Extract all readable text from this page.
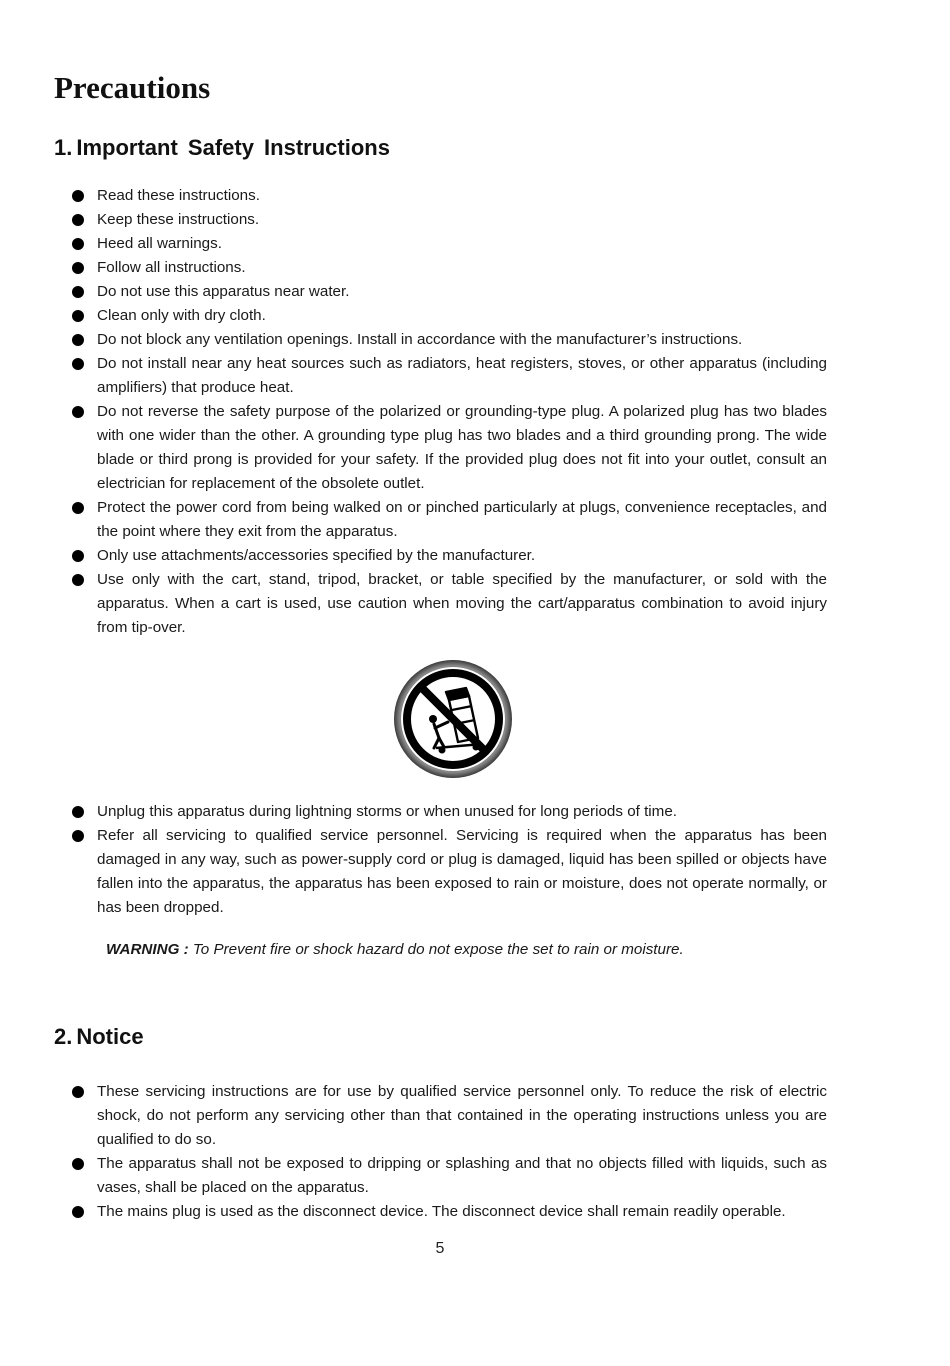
Precautions
1. Important Safety Instructions
Read these instructions.
Keep these instructions.
Heed all warnings.
Follow all instructions.
Do not use this apparatus near water.
Clean only with dry cloth.
Do not block any ventilation openings. Install in accordance with the manufacturer’s instructions.
Do not install near any heat sources such as radiators, heat registers, stoves, or other apparatus (including amplifiers) that produce heat.
Do not reverse the safety purpose of the polarized or grounding-type plug. A polarized plug has two blades with one wider than the other. A grounding type plug has two blades and a third grounding prong. The wide blade or third prong is provided for your safety. If the provided plug does not fit into your outlet, consult an electrician for replacement of the obsolete outlet.
Protect the power cord from being walked on or pinched particularly at plugs, convenience receptacles, and the point where they exit from the apparatus.
Only use attachments/accessories specified by the manufacturer.
Use only with the cart, stand, tripod, bracket, or table specified by the manufacturer, or sold with the apparatus. When a cart is used, use caution when moving the cart/apparatus combination to avoid injury from tip-over.
Unplug this apparatus during lightning storms or when unused for long periods of time.
Refer all servicing to qualified service personnel. Servicing is required when the apparatus has been damaged in any way, such as power-supply cord or plug is damaged, liquid has been spilled or objects have fallen into the apparatus, the apparatus has been exposed to rain or moisture, does not operate normally, or has been dropped.

WARNING : To Prevent fire or shock hazard do not expose the set to rain or moisture.

2. Notice
These servicing instructions are for use by qualified service personnel only. To reduce the risk of electric shock, do not perform any servicing other than that contained in the operating instructions unless you are qualified to do so.
The apparatus shall not be exposed to dripping or splashing and that no objects filled with liquids, such as vases, shall be placed on the apparatus.
The mains plug is used as the disconnect device. The disconnect device shall remain readily operable.
5
